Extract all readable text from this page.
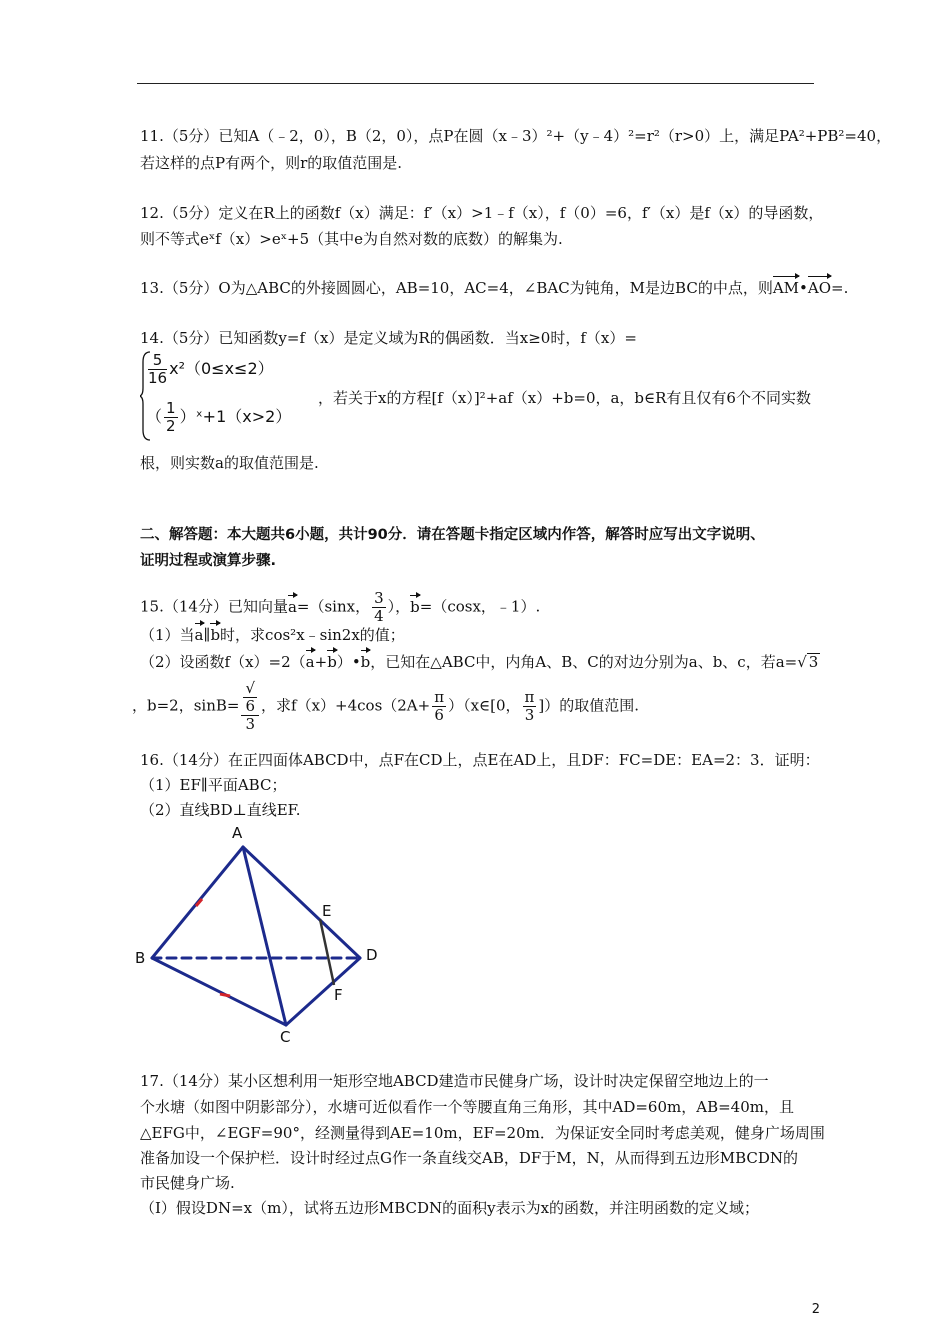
11.（5分）已知A（﹣2，0），B（2，0），点P在圆（x﹣3）²+（y﹣4）²=r²（r>0）上，满足PA²+PB²=40，
若这样的点P有两个，则r的取值范围是.
12.（5分）定义在R上的函数f（x）满足：f′（x）>1﹣f（x），f（0）=6，f′（x）是f（x）的导函数，
则不等式eˣf（x）>eˣ+5（其中e为自然对数的底数）的解集为.
13.（5分）O为△ABC的外接圆圆心，AB=10，AC=4，∠BAC为钝角，M是边BC的中点，则AM•AO=.
14.（5分）已知函数y=f（x）是定义域为R的偶函数．当x≥0时，f（x）=
$\frac{5}{16} x^2(0\le x\le 2)$
（ $\frac{1}{2}$ ）ˣ+1（x>2）
，若关于x的方程[f（x）]²+af（x）+b=0，a，b∈R有且仅有6个不同实数
根，则实数a的取值范围是.
二、解答题：本大题共6小题，共计90分．请在答题卡指定区域内作答，解答时应写出文字说明、
证明过程或演算步骤.
15.（14分）已知向量a=（sinx， $\frac{3}{4}$ ），b=（cosx，﹣1）.
（1）当a∥b时，求cos²x﹣sin2x的值；
（2）设函数f（x）=2（a+b）•b，已知在△ABC中，内角A、B、C的对边分别为a、b、c，若a=√ 3
，b=2，sinB= √
6
3 ，求$f(x)+4\cos(2A+ \frac{\pi}{6}$ ）（x∈[0， $\frac{\pi}{3}$ ]）的取值范围.
16.（14分）在正四面体ABCD中，点F在CD上，点E在AD上，且DF：FC=DE：EA=2：3．证明：
（1）EF∥平面ABC；
（2）直线BD⊥直线EF.
A
B
C
D
E
F
17.（14分）某小区想利用一矩形空地ABCD建造市民健身广场，设计时决定保留空地边上的一
个水塘（如图中阴影部分），水塘可近似看作一个等腰直角三角形，其中AD=60m，AB=40m，且
△EFG中，∠EGF=90°，经测量得到AE=10m，EF=20m．为保证安全同时考虑美观，健身广场周围
准备加设一个保护栏．设计时经过点G作一条直线交AB，DF于M，N，从而得到五边形MBCDN的
市民健身广场.
（Ⅰ）假设DN=x（m），试将五边形MBCDN的面积y表示为x的函数，并注明函数的定义域；
2
